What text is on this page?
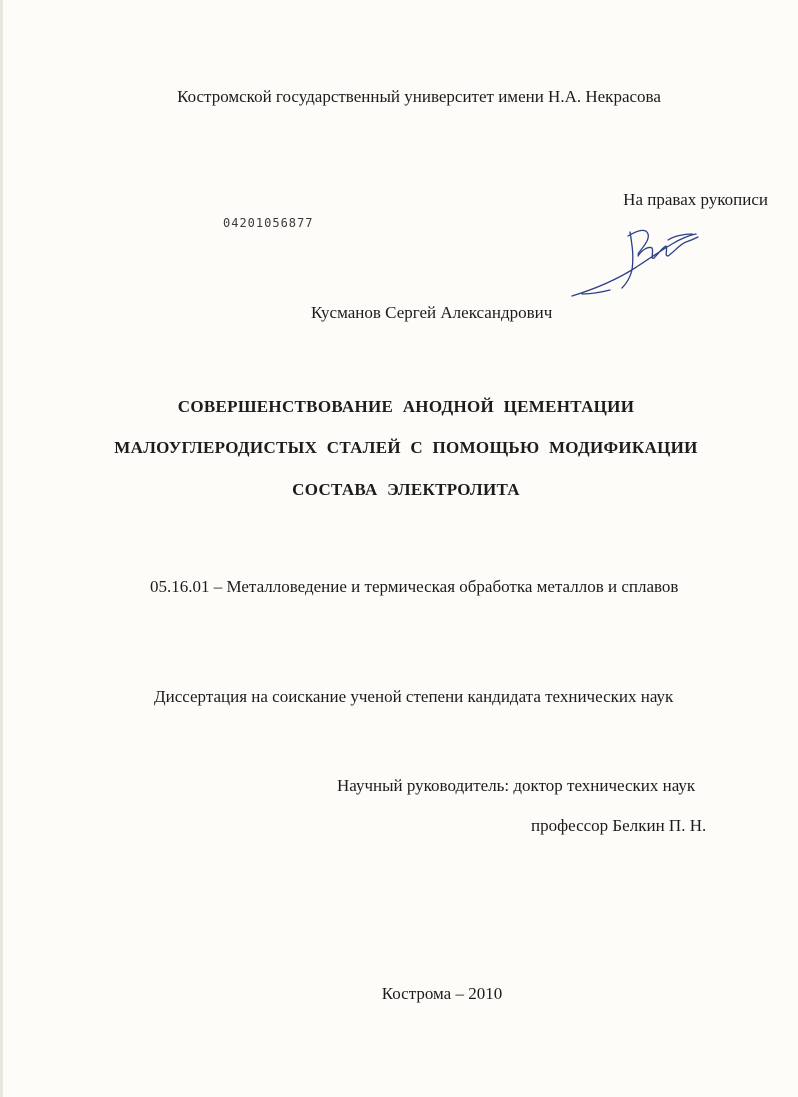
Костромской государственный университет имени Н.А. Некрасова
На правах рукописи
04201056877
Кусманов Сергей Александрович
СОВЕРШЕНСТВОВАНИЕ АНОДНОЙ ЦЕМЕНТАЦИИ
МАЛОУГЛЕРОДИСТЫХ СТАЛЕЙ С ПОМОЩЬЮ МОДИФИКАЦИИ
СОСТАВА ЭЛЕКТРОЛИТА
05.16.01 – Металловедение и термическая обработка металлов и сплавов
Диссертация на соискание ученой степени кандидата технических наук
Научный руководитель: доктор технических наук
профессор Белкин П. Н.
Кострома – 2010
